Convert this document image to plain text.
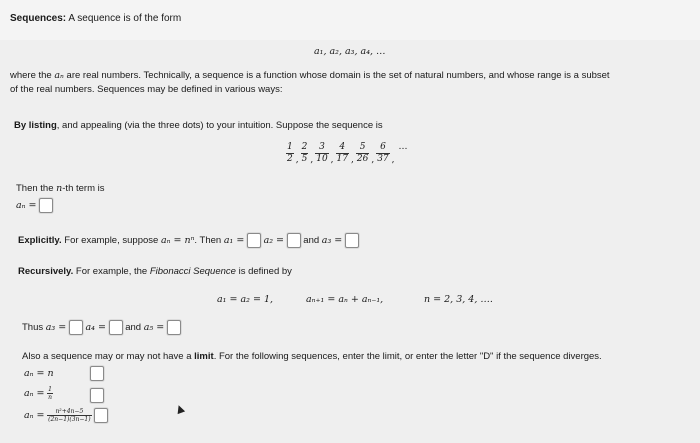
Sequences: A sequence is of the form
a₁, a₂, a₃, a₄, …
where the aₙ are real numbers. Technically, a sequence is a function whose domain is the set of natural numbers, and whose range is a subset
of the real numbers. Sequences may be defined in various ways:
By listing, and appealing (via the three dots) to your intuition. Suppose the sequence is
$\frac{1}{2}$ , $\frac{2}{5}$ , $\frac{3}{10}$ , $\frac{4}{17}$ , $\frac{5}{26}$ , $\frac{6}{37}$ ,
…
Then the n-th term is
aₙ =
Explicitly. For example, suppose aₙ = nⁿ. Then a₁ = a₂ = and a₃ =
Recursively. For example, the Fibonacci Sequence is defined by
a₁ = a₂ = 1,	aₙ₊₁ = aₙ + aₙ₋₁,	n = 2, 3, 4, ….
Thus a₃ = a₄ = and a₅ =
Also a sequence may or may not have a limit. For the following sequences, enter the limit, or enter the letter "D" if the sequence diverges.
aₙ = n
$a_n = \frac{1}{n}$
$a_n = \frac{\text{n²+4n−5}}{(2n-1)(3n-1)}$
